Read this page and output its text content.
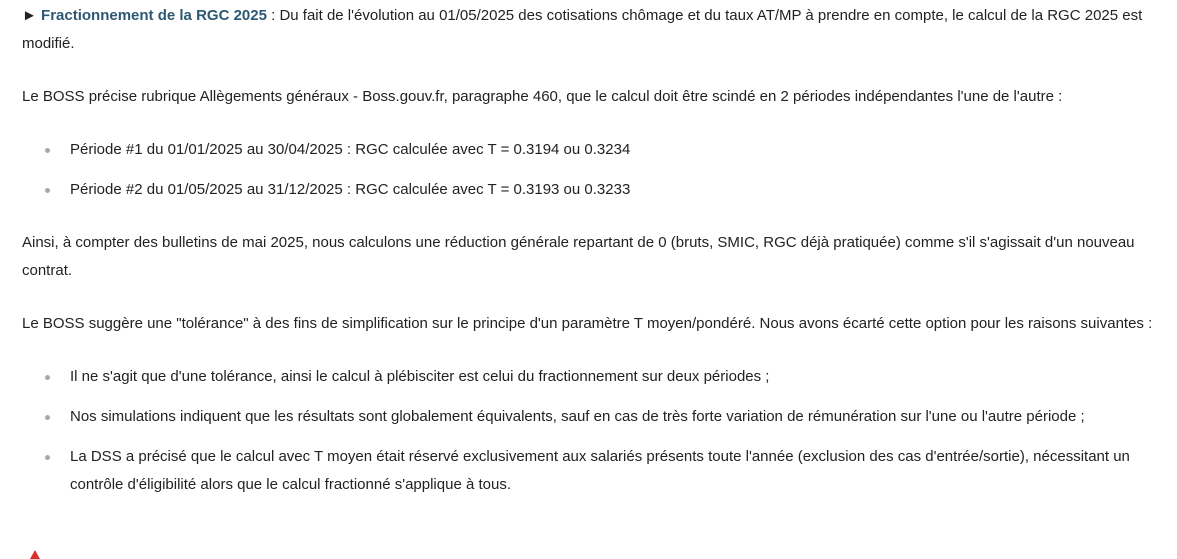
► Fractionnement de la RGC 2025 : Du fait de l'évolution au 01/05/2025 des cotisations chômage et du taux AT/MP à prendre en compte, le calcul de la RGC 2025 est modifié.

Le BOSS précise rubrique Allègements généraux - Boss.gouv.fr, paragraphe 460, que le calcul doit être scindé en 2 périodes indépendantes l'une de l'autre :

Période #1 du 01/01/2025 au 30/04/2025 : RGC calculée avec T = 0.3194 ou 0.3234
Période #2 du 01/05/2025 au 31/12/2025 : RGC calculée avec T = 0.3193 ou 0.3233

Ainsi, à compter des bulletins de mai 2025, nous calculons une réduction générale repartant de 0 (bruts, SMIC, RGC déjà pratiquée) comme s'il s'agissait d'un nouveau contrat.

Le BOSS suggère une "tolérance" à des fins de simplification sur le principe d'un paramètre T moyen/pondéré. Nous avons écarté cette option pour les raisons suivantes :

Il ne s'agit que d'une tolérance, ainsi le calcul à plébisciter est celui du fractionnement sur deux périodes ;
Nos simulations indiquent que les résultats sont globalement équivalents, sauf en cas de très forte variation de rémunération sur l'une ou l'autre période ;
La DSS a précisé que le calcul avec T moyen était réservé exclusivement aux salariés présents toute l'année (exclusion des cas d'entrée/sortie), nécessitant un contrôle d'éligibilité alors que le calcul fractionné s'applique à tous.
